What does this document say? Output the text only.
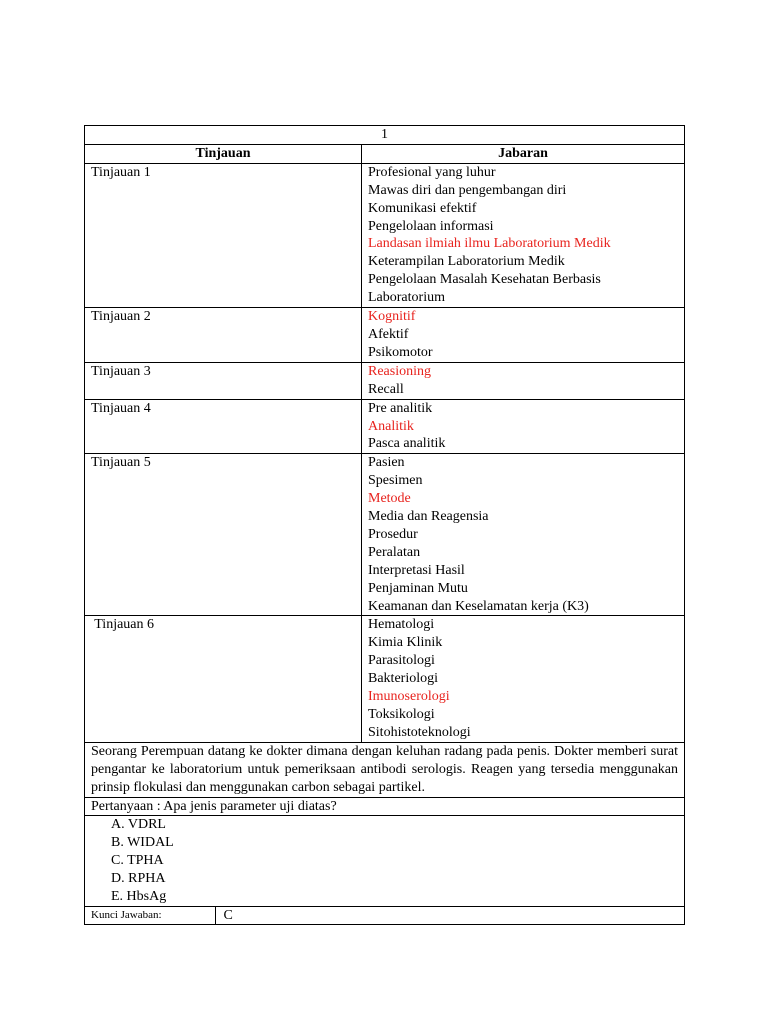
1
Tinjauan	Jabaran
Tinjauan 1	Profesional yang luhur
Mawas diri dan pengembangan diri
Komunikasi efektif
Pengelolaan informasi
Landasan ilmiah ilmu Laboratorium Medik
Keterampilan Laboratorium Medik
Pengelolaan Masalah Kesehatan Berbasis Laboratorium

Tinjauan 2	Kognitif
Afektif
Psikomotor

Tinjauan 3	Reasioning
Recall

Tinjauan 4	Pre analitik
Analitik
Pasca analitik

Tinjauan 5	Pasien
Spesimen
Metode
Media dan Reagensia
Prosedur
Peralatan
Interpretasi Hasil
Penjaminan Mutu
Keamanan dan Keselamatan kerja (K3)

Tinjauan 6	Hematologi
Kimia Klinik
Parasitologi
Bakteriologi
Imunoserologi
Toksikologi
Sitohistoteknologi

Seorang Perempuan datang ke dokter dimana dengan keluhan radang pada penis. Dokter memberi surat pengantar ke laboratorium untuk pemeriksaan antibodi serologis. Reagen yang tersedia menggunakan prinsip flokulasi dan menggunakan carbon sebagai partikel.
Pertanyaan : Apa jenis parameter uji diatas?

A. VDRL
B. WIDAL
C. TPHA
D. RPHA
E. HbsAg

Kunci Jawaban:	C
